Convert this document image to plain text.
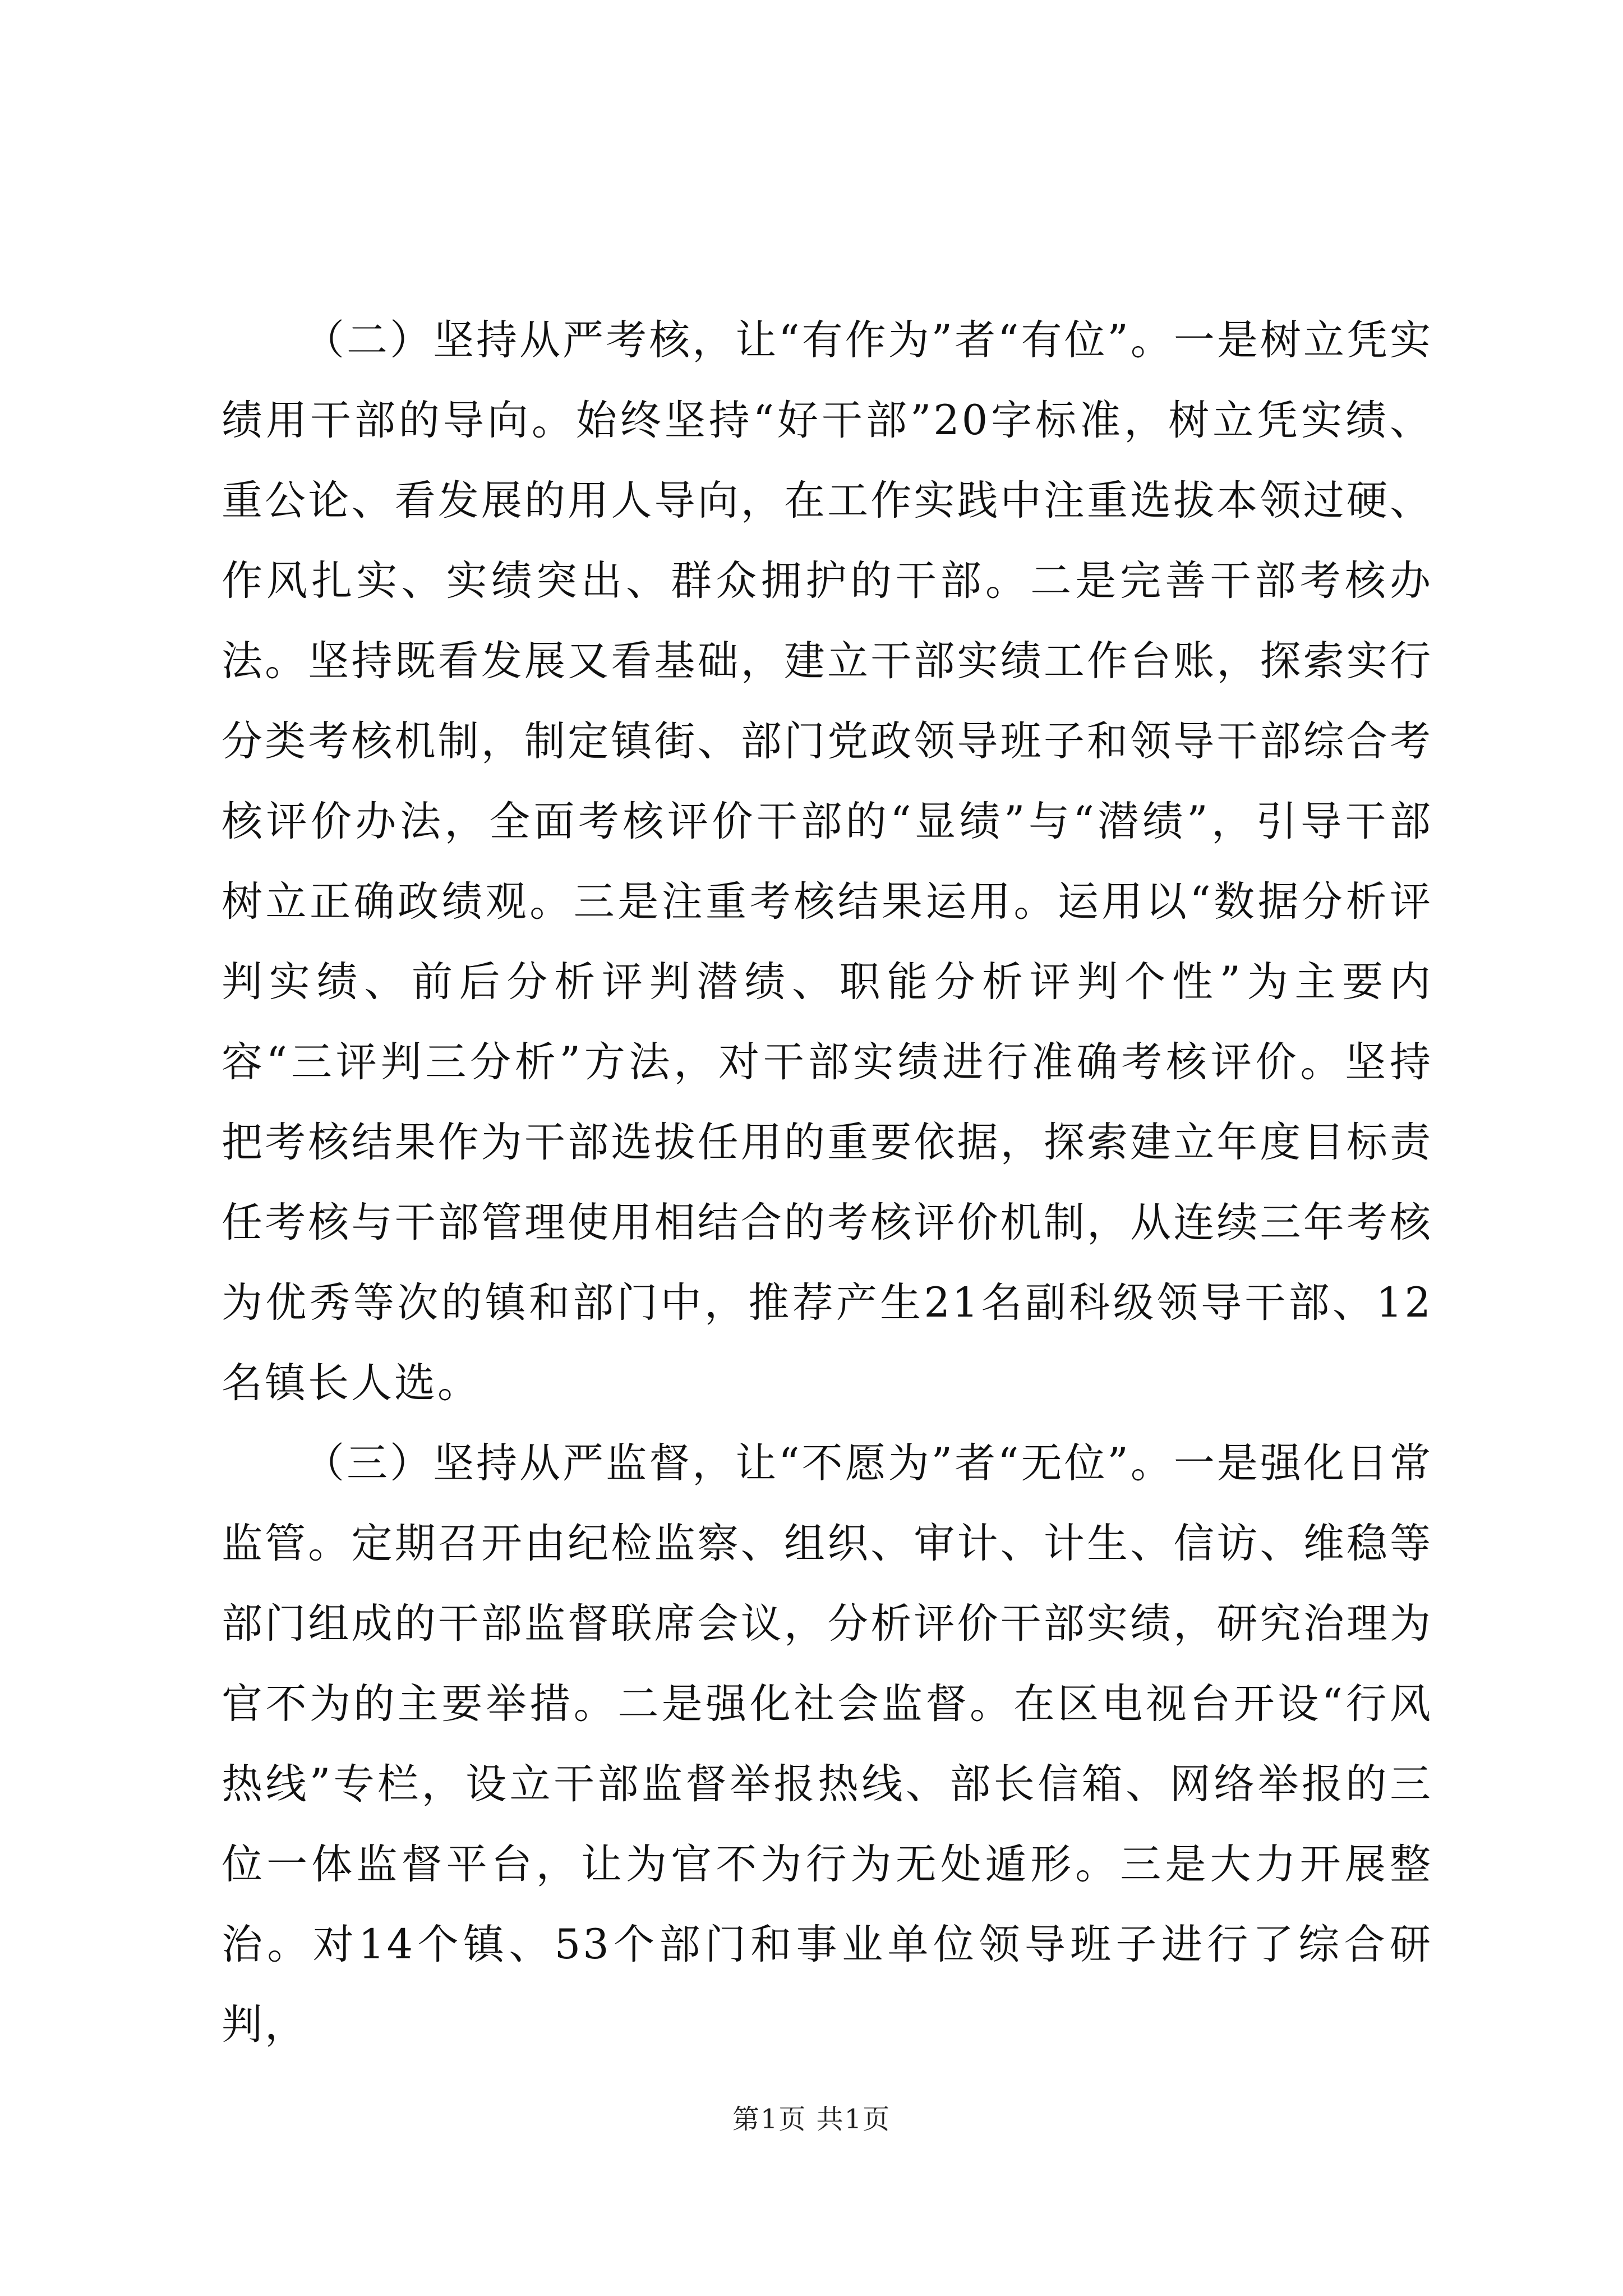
（二）坚持从严考核，让“有作为”者“有位”。一是树立凭实绩用干部的导向。始终坚持“好干部”20字标准，树立凭实绩、重公论、看发展的用人导向，在工作实践中注重选拔本领过硬、作风扎实、实绩突出、群众拥护的干部。二是完善干部考核办法。坚持既看发展又看基础，建立干部实绩工作台账，探索实行分类考核机制，制定镇街、部门党政领导班子和领导干部综合考核评价办法，全面考核评价干部的“显绩”与“潜绩”，引导干部树立正确政绩观。三是注重考核结果运用。运用以“数据分析评判实绩、前后分析评判潜绩、职能分析评判个性”为主要内容“三评判三分析”方法，对干部实绩进行准确考核评价。坚持把考核结果作为干部选拔任用的重要依据，探索建立年度目标责任考核与干部管理使用相结合的考核评价机制，从连续三年考核为优秀等次的镇和部门中，推荐产生21名副科级领导干部、12名镇长人选。

（三）坚持从严监督，让“不愿为”者“无位”。一是强化日常监管。定期召开由纪检监察、组织、审计、计生、信访、维稳等部门组成的干部监督联席会议，分析评价干部实绩，研究治理为官不为的主要举措。二是强化社会监督。在区电视台开设“行风热线”专栏，设立干部监督举报热线、部长信箱、网络举报的三位一体监督平台，让为官不为行为无处遁形。三是大力开展整治。对14个镇、53个部门和事业单位领导班子进行了综合研判，

第1页 共1页
